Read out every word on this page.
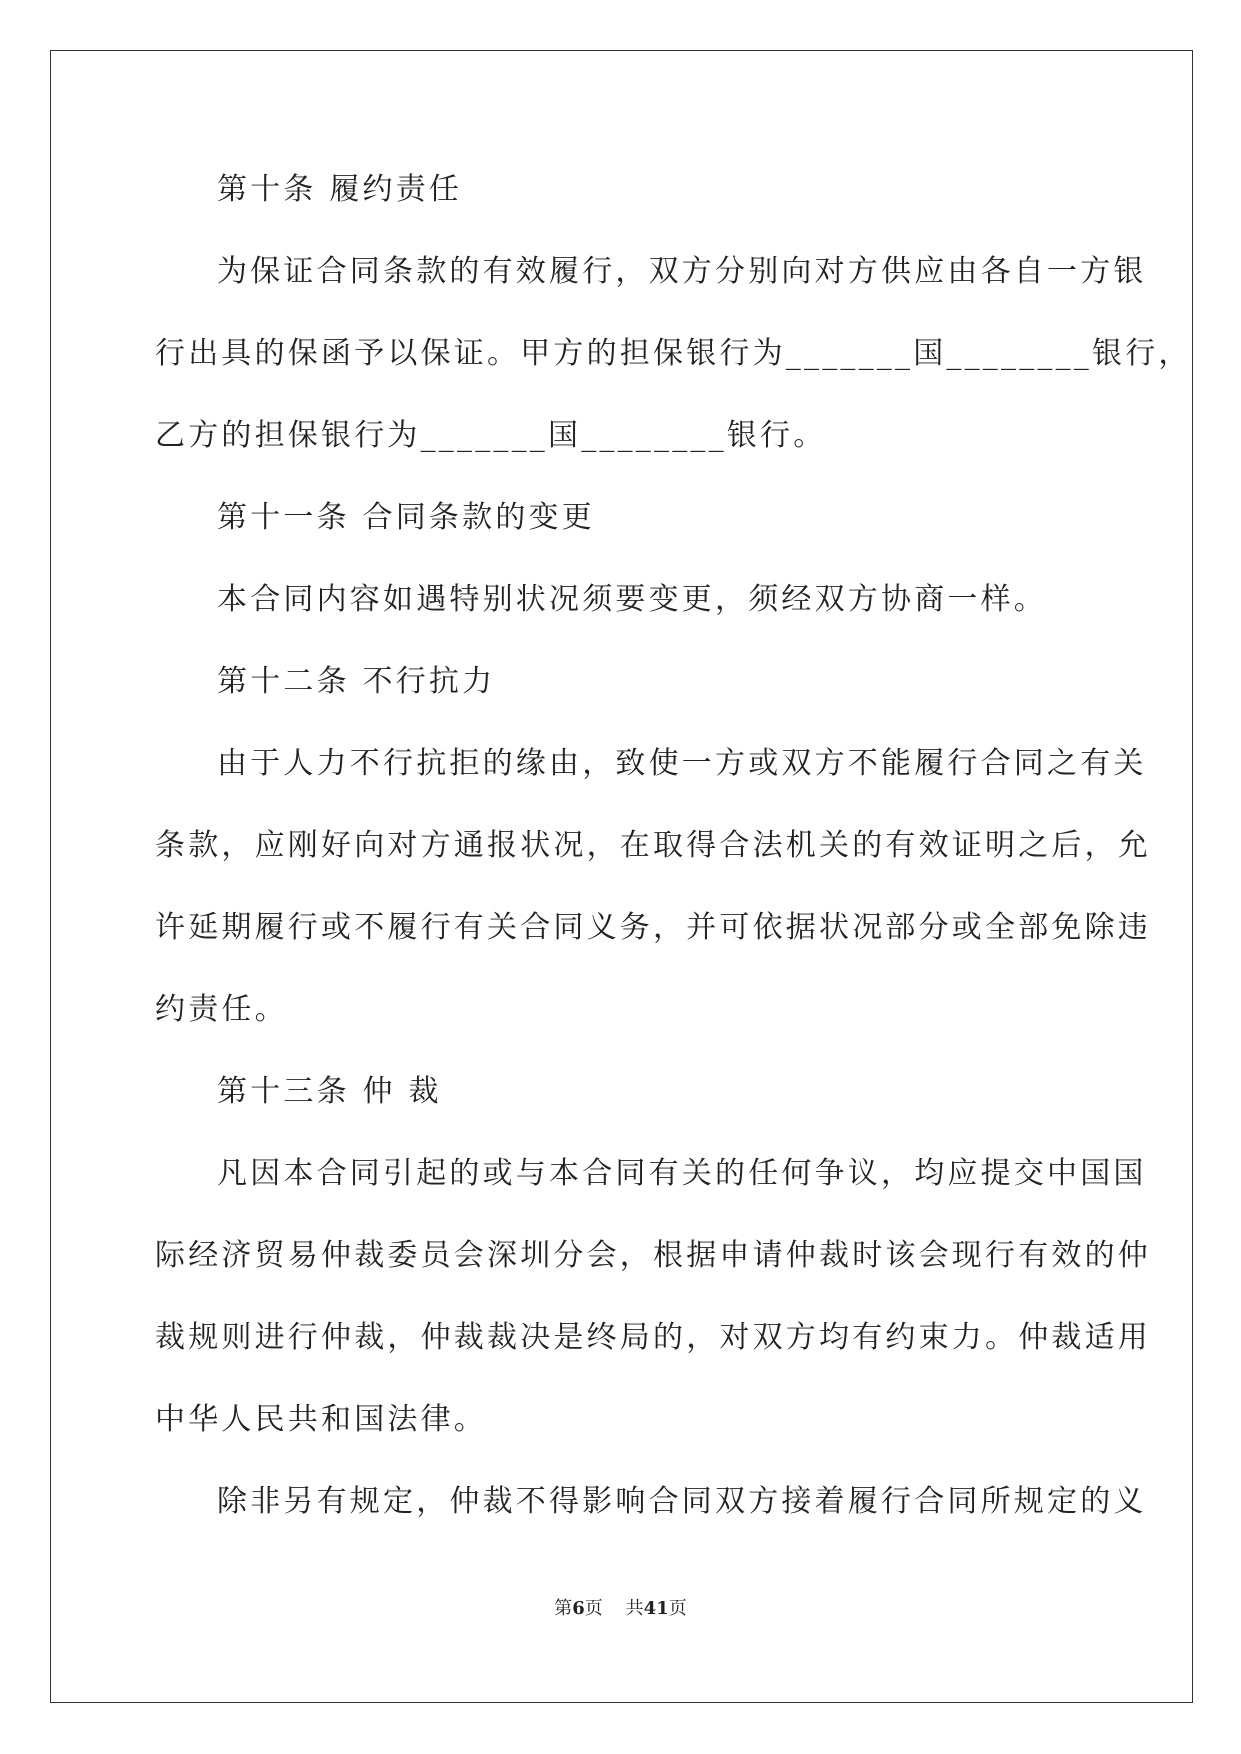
第十条 履约责任
为保证合同条款的有效履行，双方分别向对方供应由各自一方银
行出具的保函予以保证。甲方的担保银行为_______国________银行，
乙方的担保银行为_______国________银行。
第十一条 合同条款的变更
本合同内容如遇特别状况须要变更，须经双方协商一样。
第十二条 不行抗力
由于人力不行抗拒的缘由，致使一方或双方不能履行合同之有关
条款，应刚好向对方通报状况，在取得合法机关的有效证明之后，允
许延期履行或不履行有关合同义务，并可依据状况部分或全部免除违
约责任。
第十三条 仲 裁
凡因本合同引起的或与本合同有关的任何争议，均应提交中国国
际经济贸易仲裁委员会深圳分会，根据申请仲裁时该会现行有效的仲
裁规则进行仲裁，仲裁裁决是终局的，对双方均有约束力。仲裁适用
中华人民共和国法律。
除非另有规定，仲裁不得影响合同双方接着履行合同所规定的义
第6页    共41页
